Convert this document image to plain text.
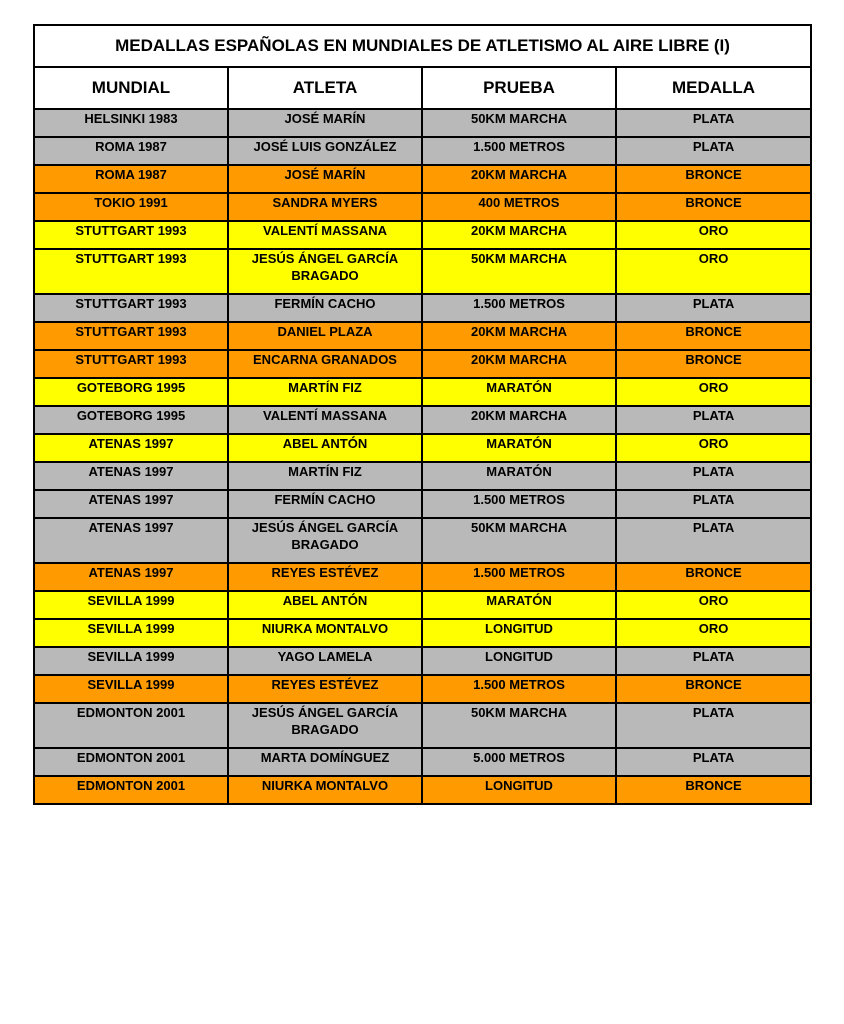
MEDALLAS ESPAÑOLAS EN MUNDIALES DE ATLETISMO AL AIRE LIBRE (I)			
MUNDIAL	ATLETA	PRUEBA	MEDALLA
HELSINKI 1983	JOSÉ MARÍN	50KM MARCHA	PLATA
ROMA 1987	JOSÉ LUIS GONZÁLEZ	1.500 METROS	PLATA
ROMA 1987	JOSÉ MARÍN	20KM MARCHA	BRONCE
TOKIO 1991	SANDRA MYERS	400 METROS	BRONCE
STUTTGART 1993	VALENTÍ MASSANA	20KM MARCHA	ORO
STUTTGART 1993	JESÚS ÁNGEL GARCÍA BRAGADO	50KM MARCHA	ORO
STUTTGART 1993	FERMÍN CACHO	1.500 METROS	PLATA
STUTTGART 1993	DANIEL PLAZA	20KM MARCHA	BRONCE
STUTTGART 1993	ENCARNA GRANADOS	20KM MARCHA	BRONCE
GOTEBORG 1995	MARTÍN FIZ	MARATÓN	ORO
GOTEBORG 1995	VALENTÍ MASSANA	20KM MARCHA	PLATA
ATENAS 1997	ABEL ANTÓN	MARATÓN	ORO
ATENAS 1997	MARTÍN FIZ	MARATÓN	PLATA
ATENAS 1997	FERMÍN CACHO	1.500 METROS	PLATA
ATENAS 1997	JESÚS ÁNGEL GARCÍA BRAGADO	50KM MARCHA	PLATA
ATENAS 1997	REYES ESTÉVEZ	1.500 METROS	BRONCE
SEVILLA 1999	ABEL ANTÓN	MARATÓN	ORO
SEVILLA 1999	NIURKA MONTALVO	LONGITUD	ORO
SEVILLA 1999	YAGO LAMELA	LONGITUD	PLATA
SEVILLA 1999	REYES ESTÉVEZ	1.500 METROS	BRONCE
EDMONTON 2001	JESÚS ÁNGEL GARCÍA BRAGADO	50KM MARCHA	PLATA
EDMONTON 2001	MARTA DOMÍNGUEZ	5.000 METROS	PLATA
EDMONTON 2001	NIURKA MONTALVO	LONGITUD	BRONCE
